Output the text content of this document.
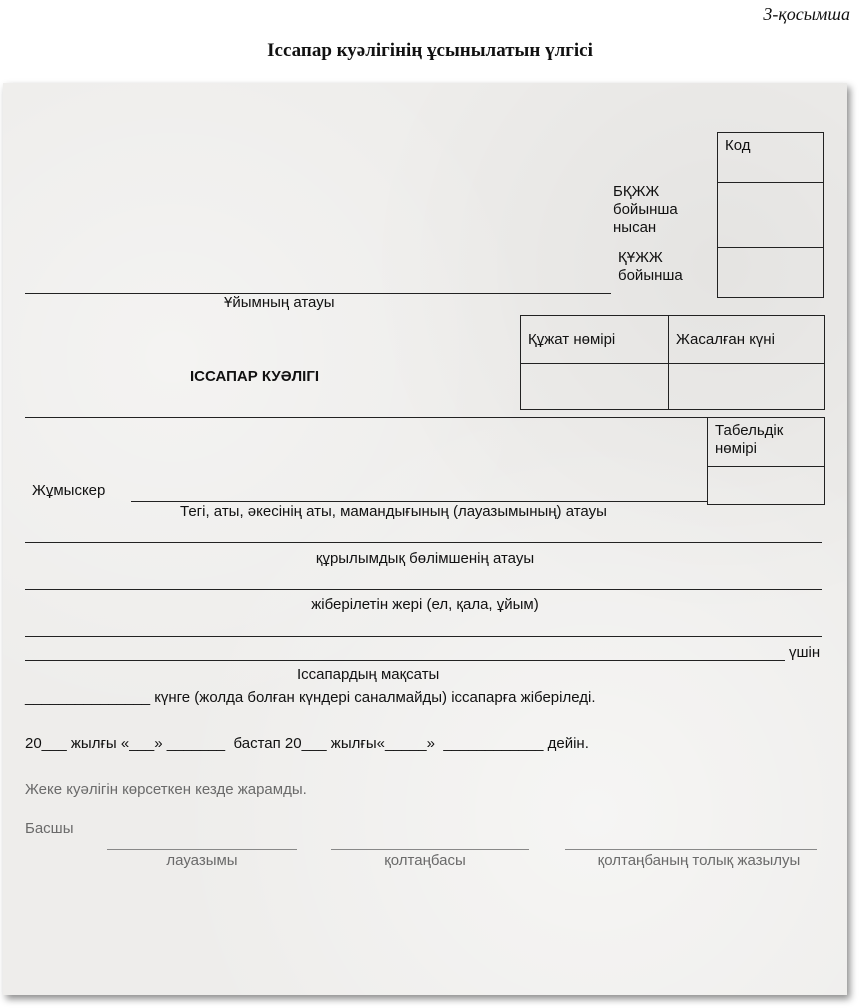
3-қосымша
Іссапар куәлігінің ұсынылатын үлгісі
Код

БҚЖЖ
бойынша
нысан
ҚҰЖЖ
бойынша
Ұйымның атауы
Құжат нөмірі	Жасалған күні

ІССАПАР КУӘЛІГІ
Табельдік
нөмірі

Жұмыскер
Тегі, аты, әкесінің аты, мамандығының (лауазымының) атауы
құрылымдық бөлімшенің атауы
жіберілетін жері (ел, қала, ұйым)
үшін
Іссапардың мақсаты
_______________ күнге (жолда болған күндері саналмайды) іссапарға жіберіледі.
20___ жылғы «___» _______  бастап 20___ жылғы«_____»  ____________ дейін.
Жеке куәлігін көрсеткен кезде жарамды.
Басшы
лауазымы	қолтаңбасы	қолтаңбаның толық жазылуы
